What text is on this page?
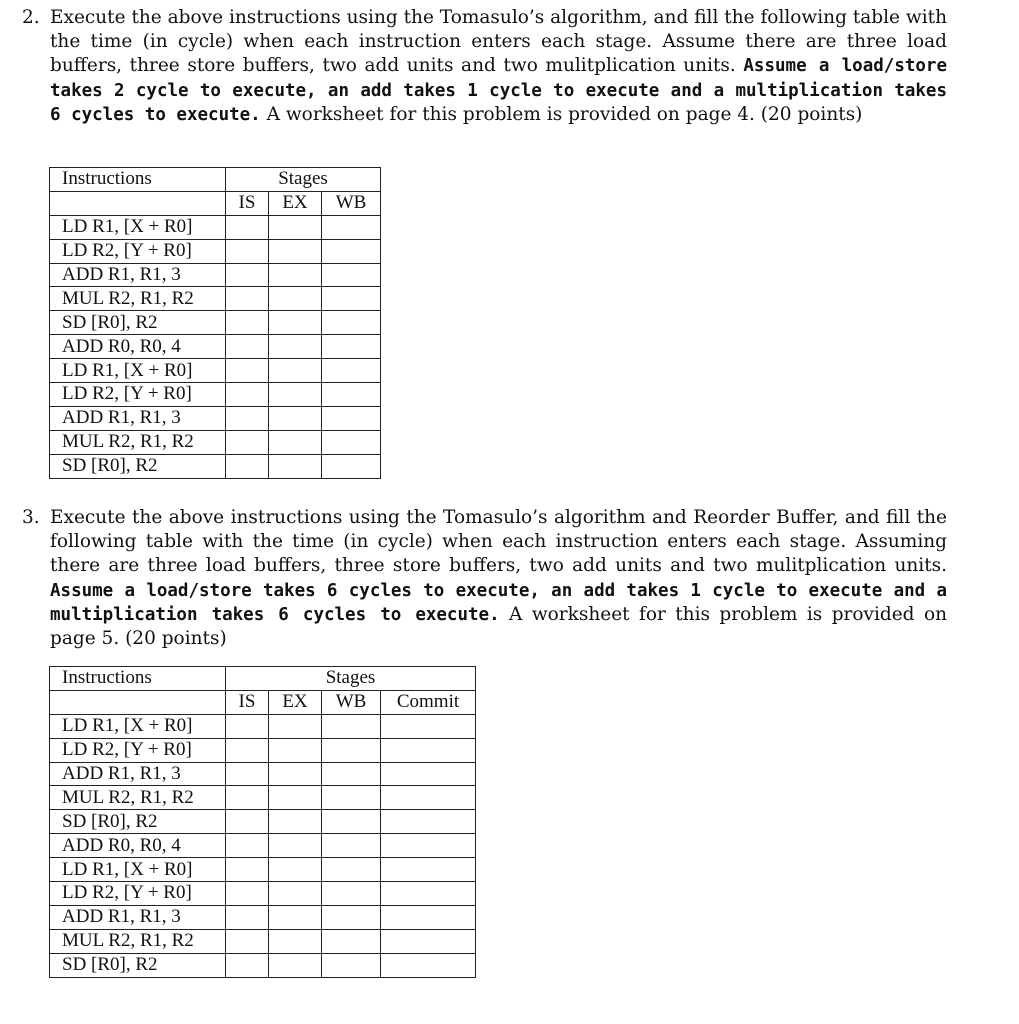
2. Execute the above instructions using the Tomasulo’s algorithm, and fill the following table with the time (in cycle) when each instruction enters each stage. Assume there are three load buffers, three store buffers, two add units and two mulitplication units. Assume a load/store takes 2 cycle to execute, an add takes 1 cycle to execute and a multiplication takes 6 cycles to execute. A worksheet for this problem is provided on page 4. (20 points)
Instructions	Stages		
	IS	EX	WB
LD R1, [X + R0]			
LD R2, [Y + R0]			
ADD R1, R1, 3			
MUL R2, R1, R2			
SD [R0], R2			
ADD R0, R0, 4			
LD R1, [X + R0]			
LD R2, [Y + R0]			
ADD R1, R1, 3			
MUL R2, R1, R2			
SD [R0], R2			
3. Execute the above instructions using the Tomasulo’s algorithm and Reorder Buffer, and fill the following table with the time (in cycle) when each instruction enters each stage. Assuming there are three load buffers, three store buffers, two add units and two mulitplication units. Assume a load/store takes 6 cycles to execute, an add takes 1 cycle to execute and a multiplication takes 6 cycles to execute. A worksheet for this problem is provided on page 5. (20 points)
Instructions	Stages			
	IS	EX	WB	Commit
LD R1, [X + R0]				
LD R2, [Y + R0]				
ADD R1, R1, 3				
MUL R2, R1, R2				
SD [R0], R2				
ADD R0, R0, 4				
LD R1, [X + R0]				
LD R2, [Y + R0]				
ADD R1, R1, 3				
MUL R2, R1, R2				
SD [R0], R2				
